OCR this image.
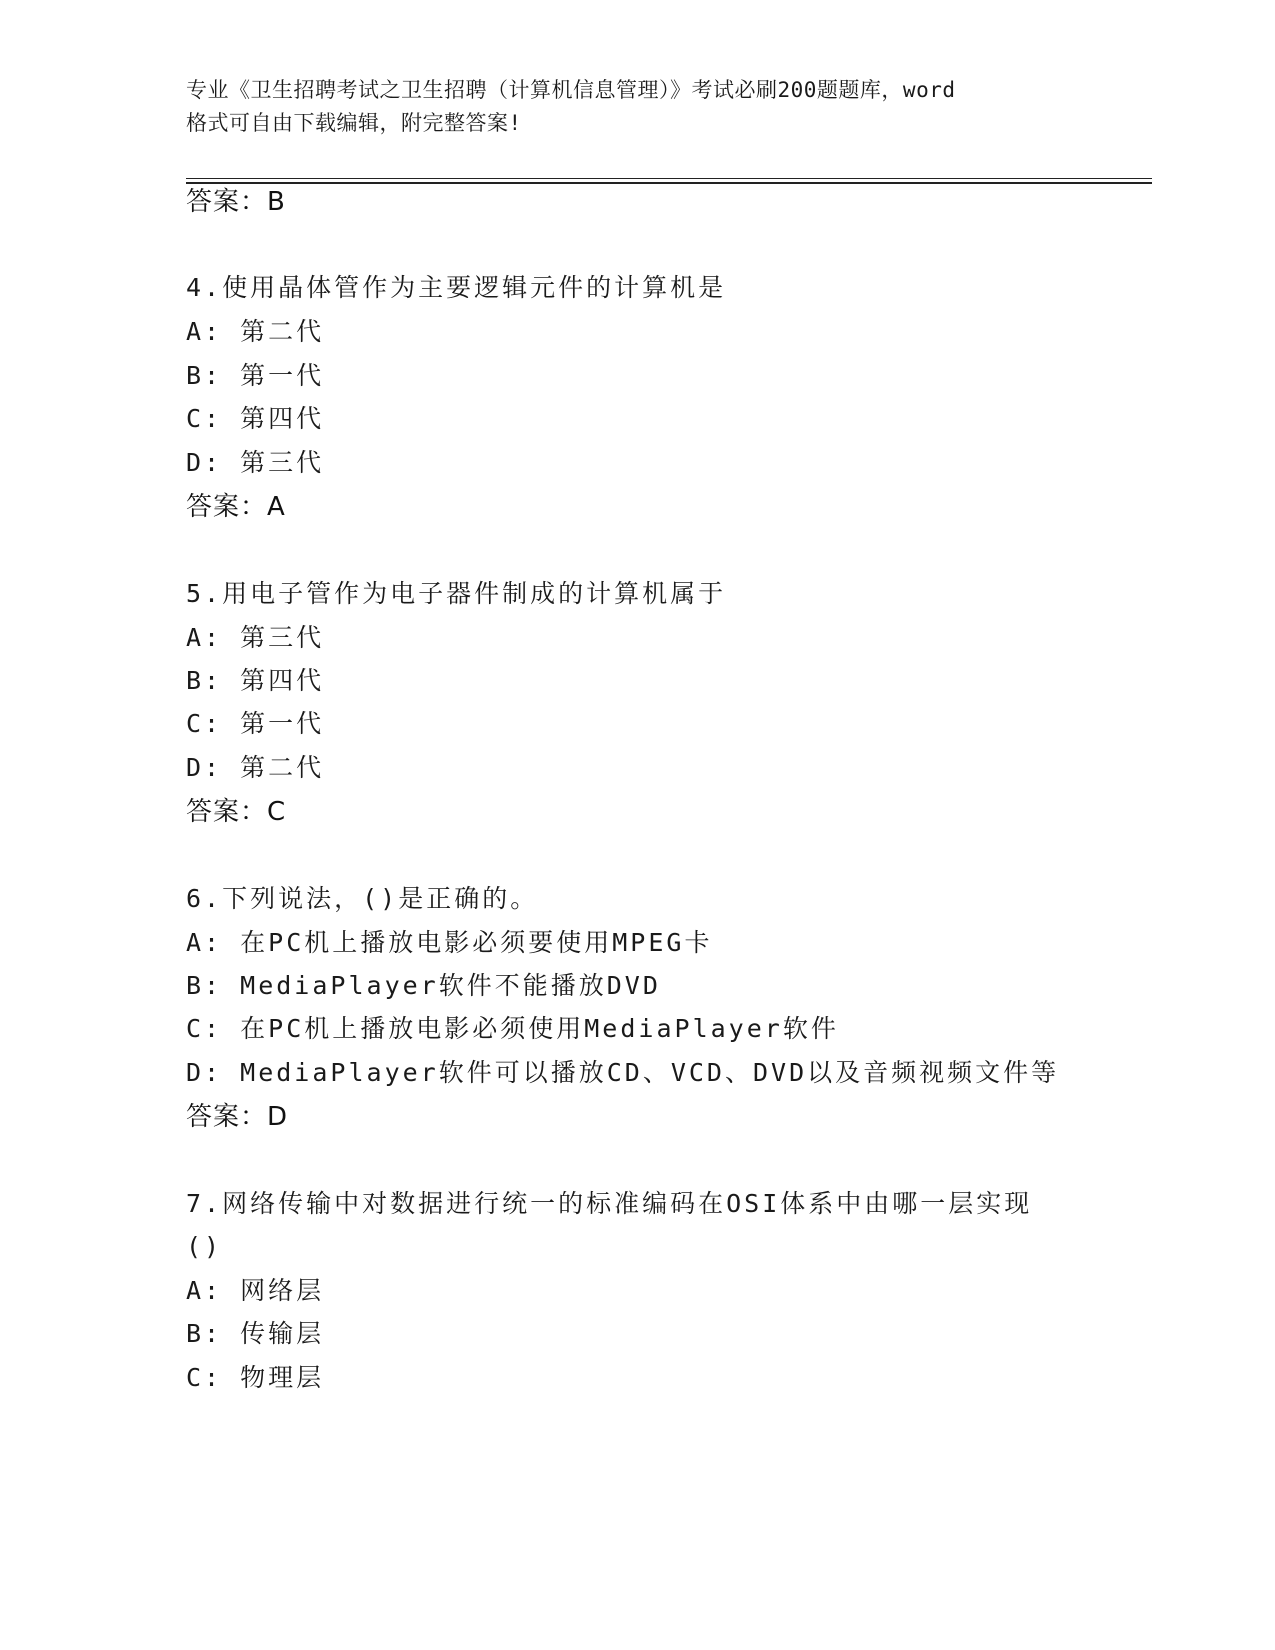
专业《卫生招聘考试之卫生招聘（计算机信息管理）》考试必刷200题题库，word
格式可自由下载编辑，附完整答案!
答案：B
4.使用晶体管作为主要逻辑元件的计算机是
A: 第二代
B: 第一代
C: 第四代
D: 第三代
答案：A
5.用电子管作为电子器件制成的计算机属于
A: 第三代
B: 第四代
C: 第一代
D: 第二代
答案：C
6.下列说法，()是正确的。
A: 在PC机上播放电影必须要使用MPEG卡
B: MediaPlayer软件不能播放DVD
C: 在PC机上播放电影必须使用MediaPlayer软件
D: MediaPlayer软件可以播放CD、VCD、DVD以及音频视频文件等
答案：D
7.网络传输中对数据进行统一的标准编码在OSI体系中由哪一层实现
()
A: 网络层
B: 传输层
C: 物理层
